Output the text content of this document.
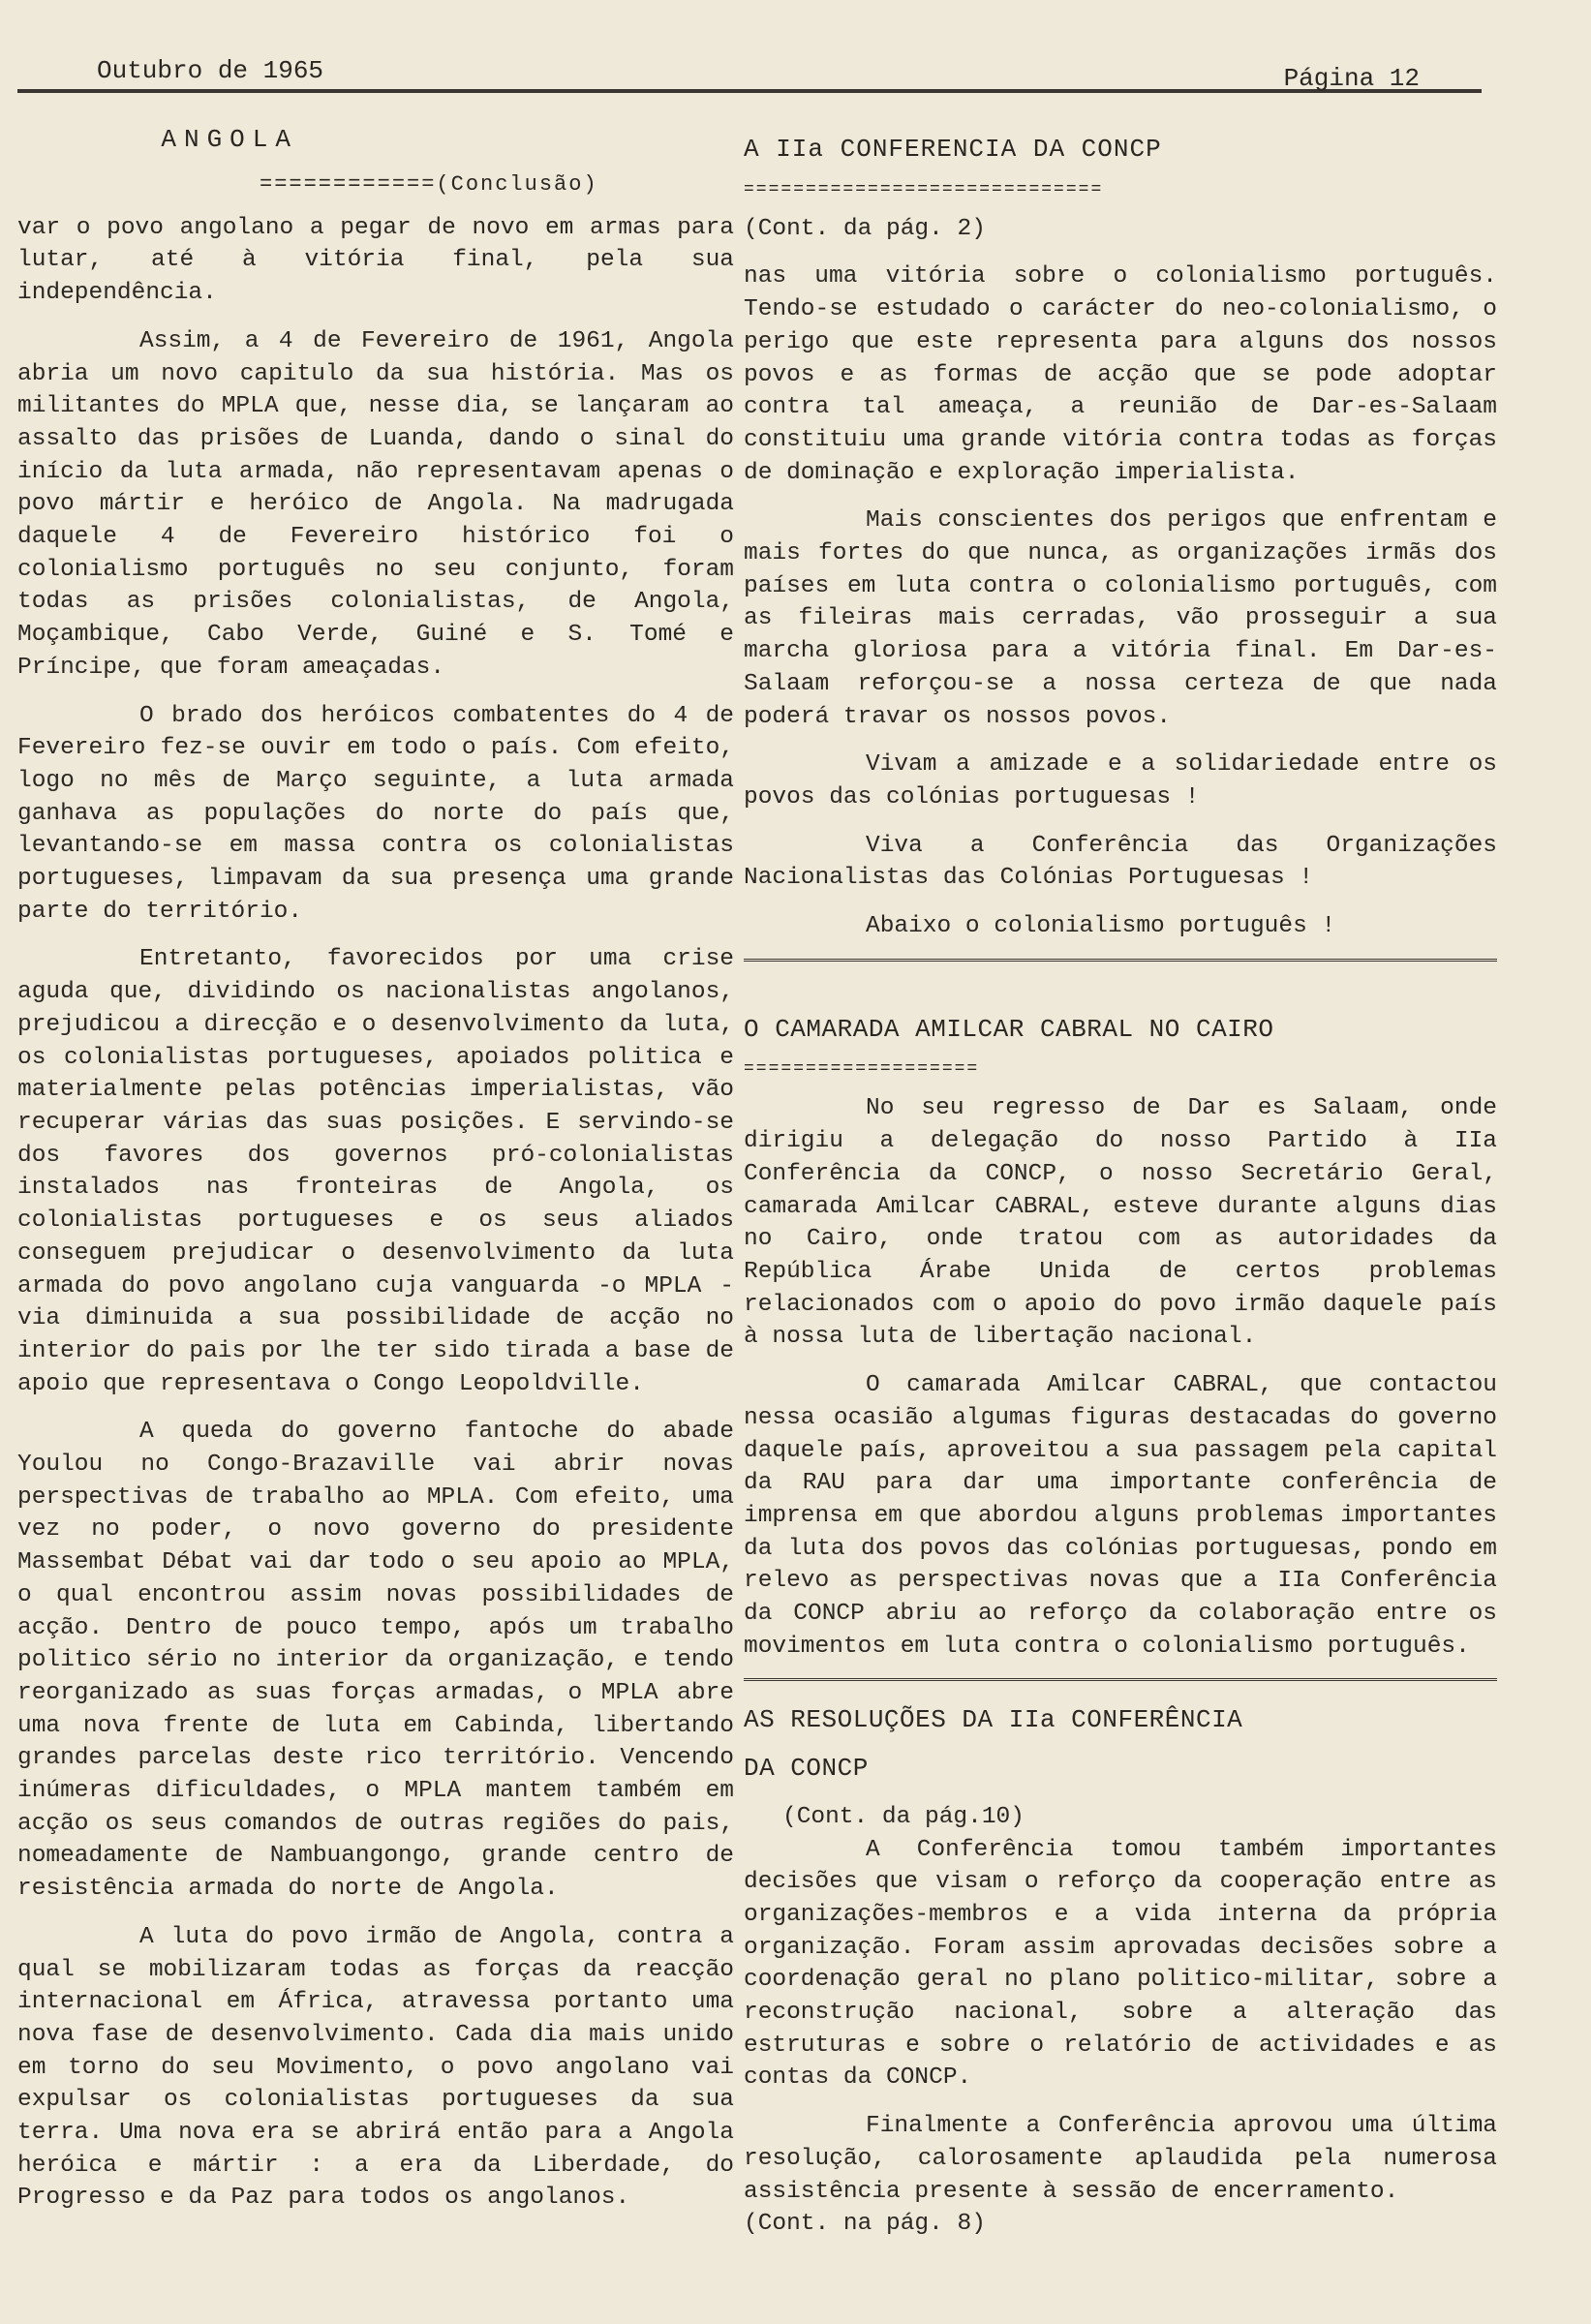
Outubro de 1965	Página 12

ANGOLA

============(Conclusão)

var o povo angolano a pegar de novo em armas para lutar, até à vitória final, pela sua independência.

Assim, a 4 de Fevereiro de 1961, Angola abria um novo capitulo da sua história. Mas os militantes do MPLA que, nesse dia, se lançaram ao assalto das prisões de Luanda, dando o sinal do início da luta armada, não representavam apenas o povo mártir e heróico de Angola. Na madrugada daquele 4 de Fevereiro histórico foi o colonialismo português no seu conjunto, foram todas as prisões colonialistas, de Angola, Moçambique, Cabo Verde, Guiné e S. Tomé e Príncipe, que foram ameaçadas.

O brado dos heróicos combatentes do 4 de Fevereiro fez-se ouvir em todo o país. Com efeito, logo no mês de Março seguinte, a luta armada ganhava as populações do norte do país que, levantando-se em massa contra os colonialistas portugueses, limpavam da sua presença uma grande parte do território.

Entretanto, favorecidos por uma crise aguda que, dividindo os nacionalistas angolanos, prejudicou a direcção e o desenvolvimento da luta, os colonialistas portugueses, apoiados politica e materialmente pelas potências imperialistas, vão recuperar várias das suas posições. E servindo-se dos favores dos governos pró-colonialistas instalados nas fronteiras de Angola, os colonialistas portugueses e os seus aliados conseguem prejudicar o desenvolvimento da luta armada do povo angolano cuja vanguarda -o MPLA - via diminuida a sua possibilidade de acção no interior do pais por lhe ter sido tirada a base de apoio que representava o Congo Leopoldville.

A queda do governo fantoche do abade Youlou no Congo-Brazaville vai abrir novas perspectivas de trabalho ao MPLA. Com efeito, uma vez no poder, o novo governo do presidente Massembat Débat vai dar todo o seu apoio ao MPLA, o qual encontrou assim novas possibilidades de acção. Dentro de pouco tempo, após um trabalho politico sério no interior da organização, e tendo reorganizado as suas forças armadas, o MPLA abre uma nova frente de luta em Cabinda, libertando grandes parcelas deste rico território. Vencendo inúmeras dificuldades, o MPLA mantem também em acção os seus comandos de outras regiões do pais, nomeadamente de Nambuangongo, grande centro de resistência armada do norte de Angola.

A luta do povo irmão de Angola, contra a qual se mobilizaram todas as forças da reacção internacional em África, atravessa portanto uma nova fase de desenvolvimento. Cada dia mais unido em torno do seu Movimento, o povo angolano vai expulsar os colonialistas portugueses da sua terra. Uma nova era se abrirá então para a Angola heróica e mártir : a era da Liberdade, do Progresso e da Paz para todos os angolanos.

A IIa CONFERENCIA DA CONCP

=============================

(Cont. da pág. 2)

nas uma vitória sobre o colonialismo português. Tendo-se estudado o carácter do neo-colonialismo, o perigo que este representa para alguns dos nossos povos e as formas de acção que se pode adoptar contra tal ameaça, a reunião de Dar-es-Salaam constituiu uma grande vitória contra todas as forças de dominação e exploração imperialista.

Mais conscientes dos perigos que enfrentam e mais fortes do que nunca, as organizações irmãs dos países em luta contra o colonialismo português, com as fileiras mais cerradas, vão prosseguir a sua marcha gloriosa para a vitória final. Em Dar-es-Salaam reforçou-se a nossa certeza de que nada poderá travar os nossos povos.

Vivam a amizade e a solidariedade entre os povos das colónias portuguesas !

Viva a Conferência das Organizações Nacionalistas das Colónias Portuguesas !

Abaixo o colonialismo português !

O CAMARADA AMILCAR CABRAL NO CAIRO

===================

No seu regresso de Dar es Salaam, onde dirigiu a delegação do nosso Partido à IIa Conferência da CONCP, o nosso Secretário Geral, camarada Amilcar CABRAL, esteve durante alguns dias no Cairo, onde tratou com as autoridades da República Árabe Unida de certos problemas relacionados com o apoio do povo irmão daquele país à nossa luta de libertação nacional.

O camarada Amilcar CABRAL, que contactou nessa ocasião algumas figuras destacadas do governo daquele país, aproveitou a sua passagem pela capital da RAU para dar uma importante conferência de imprensa em que abordou alguns problemas importantes da luta dos povos das colónias portuguesas, pondo em relevo as perspectivas novas que a IIa Conferência da CONCP abriu ao reforço da colaboração entre os movimentos em luta contra o colonialismo português.

AS RESOLUÇÕES DA IIa CONFERÊNCIA

DA CONCP

(Cont. da pág.10)

A Conferência tomou também importantes decisões que visam o reforço da cooperação entre as organizações-membros e a vida interna da própria organização. Foram assim aprovadas decisões sobre a coordenação geral no plano politico-militar, sobre a reconstrução nacional, sobre a alteração das estruturas e sobre o relatório de actividades e as contas da CONCP.

Finalmente a Conferência aprovou uma última resolução, calorosamente aplaudida pela numerosa assistência presente à sessão de encerramento.

(Cont. na pág. 8)
